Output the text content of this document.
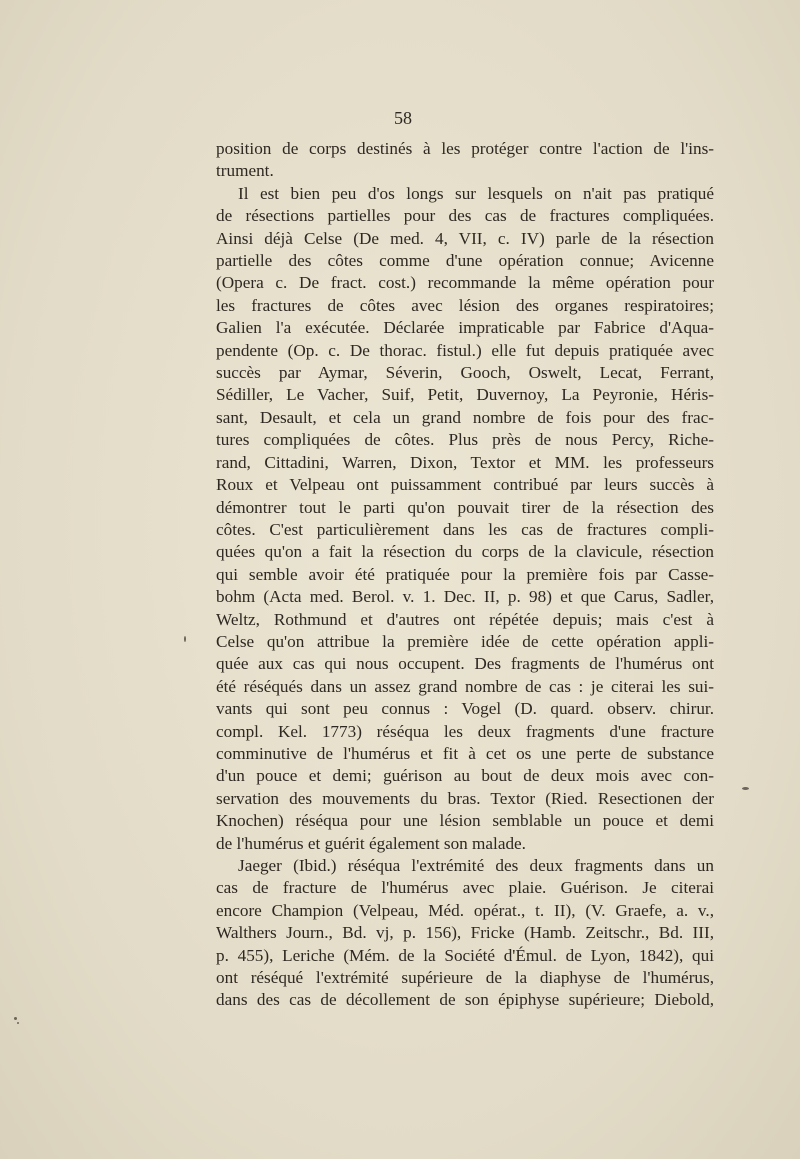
58

position de corps destinés à les protéger contre l'action de l'ins-
trument.

Il est bien peu d'os longs sur lesquels on n'ait pas pratiqué
de résections partielles pour des cas de fractures compliquées.
Ainsi déjà Celse (De med. 4, VII, c. IV) parle de la résection
partielle des côtes comme d'une opération connue; Avicenne
(Opera c. De fract. cost.) recommande la même opération pour
les fractures de côtes avec lésion des organes respiratoires;
Galien l'a exécutée. Déclarée impraticable par Fabrice d'Aqua-
pendente (Op. c. De thorac. fistul.) elle fut depuis pratiquée avec
succès par Aymar, Séverin, Gooch, Oswelt, Lecat, Ferrant,
Sédiller, Le Vacher, Suif, Petit, Duvernoy, La Peyronie, Héris-
sant, Desault, et cela un grand nombre de fois pour des frac-
tures compliquées de côtes. Plus près de nous Percy, Riche-
rand, Cittadini, Warren, Dixon, Textor et MM. les professeurs
Roux et Velpeau ont puissamment contribué par leurs succès à
démontrer tout le parti qu'on pouvait tirer de la résection des
côtes. C'est particulièrement dans les cas de fractures compli-
quées qu'on a fait la résection du corps de la clavicule, résection
qui semble avoir été pratiquée pour la première fois par Casse-
bohm (Acta med. Berol. v. 1. Dec. II, p. 98) et que Carus, Sadler,
Weltz, Rothmund et d'autres ont répétée depuis; mais c'est à
Celse qu'on attribue la première idée de cette opération appli-
quée aux cas qui nous occupent. Des fragments de l'humérus ont
été réséqués dans un assez grand nombre de cas : je citerai les sui-
vants qui sont peu connus : Vogel (D. quard. observ. chirur.
compl. Kel. 1773) réséqua les deux fragments d'une fracture
comminutive de l'humérus et fit à cet os une perte de substance
d'un pouce et demi; guérison au bout de deux mois avec con-
servation des mouvements du bras. Textor (Ried. Resectionen der
Knochen) réséqua pour une lésion semblable un pouce et demi
de l'humérus et guérit également son malade.

Jaeger (Ibid.) réséqua l'extrémité des deux fragments dans un
cas de fracture de l'humérus avec plaie. Guérison. Je citerai
encore Champion (Velpeau, Méd. opérat., t. II), (V. Graefe, a. v.,
Walthers Journ., Bd. vj, p. 156), Fricke (Hamb. Zeitschr., Bd. III,
p. 455), Leriche (Mém. de la Société d'Émul. de Lyon, 1842), qui
ont réséqué l'extrémité supérieure de la diaphyse de l'humérus,
dans des cas de décollement de son épiphyse supérieure; Diebold,
